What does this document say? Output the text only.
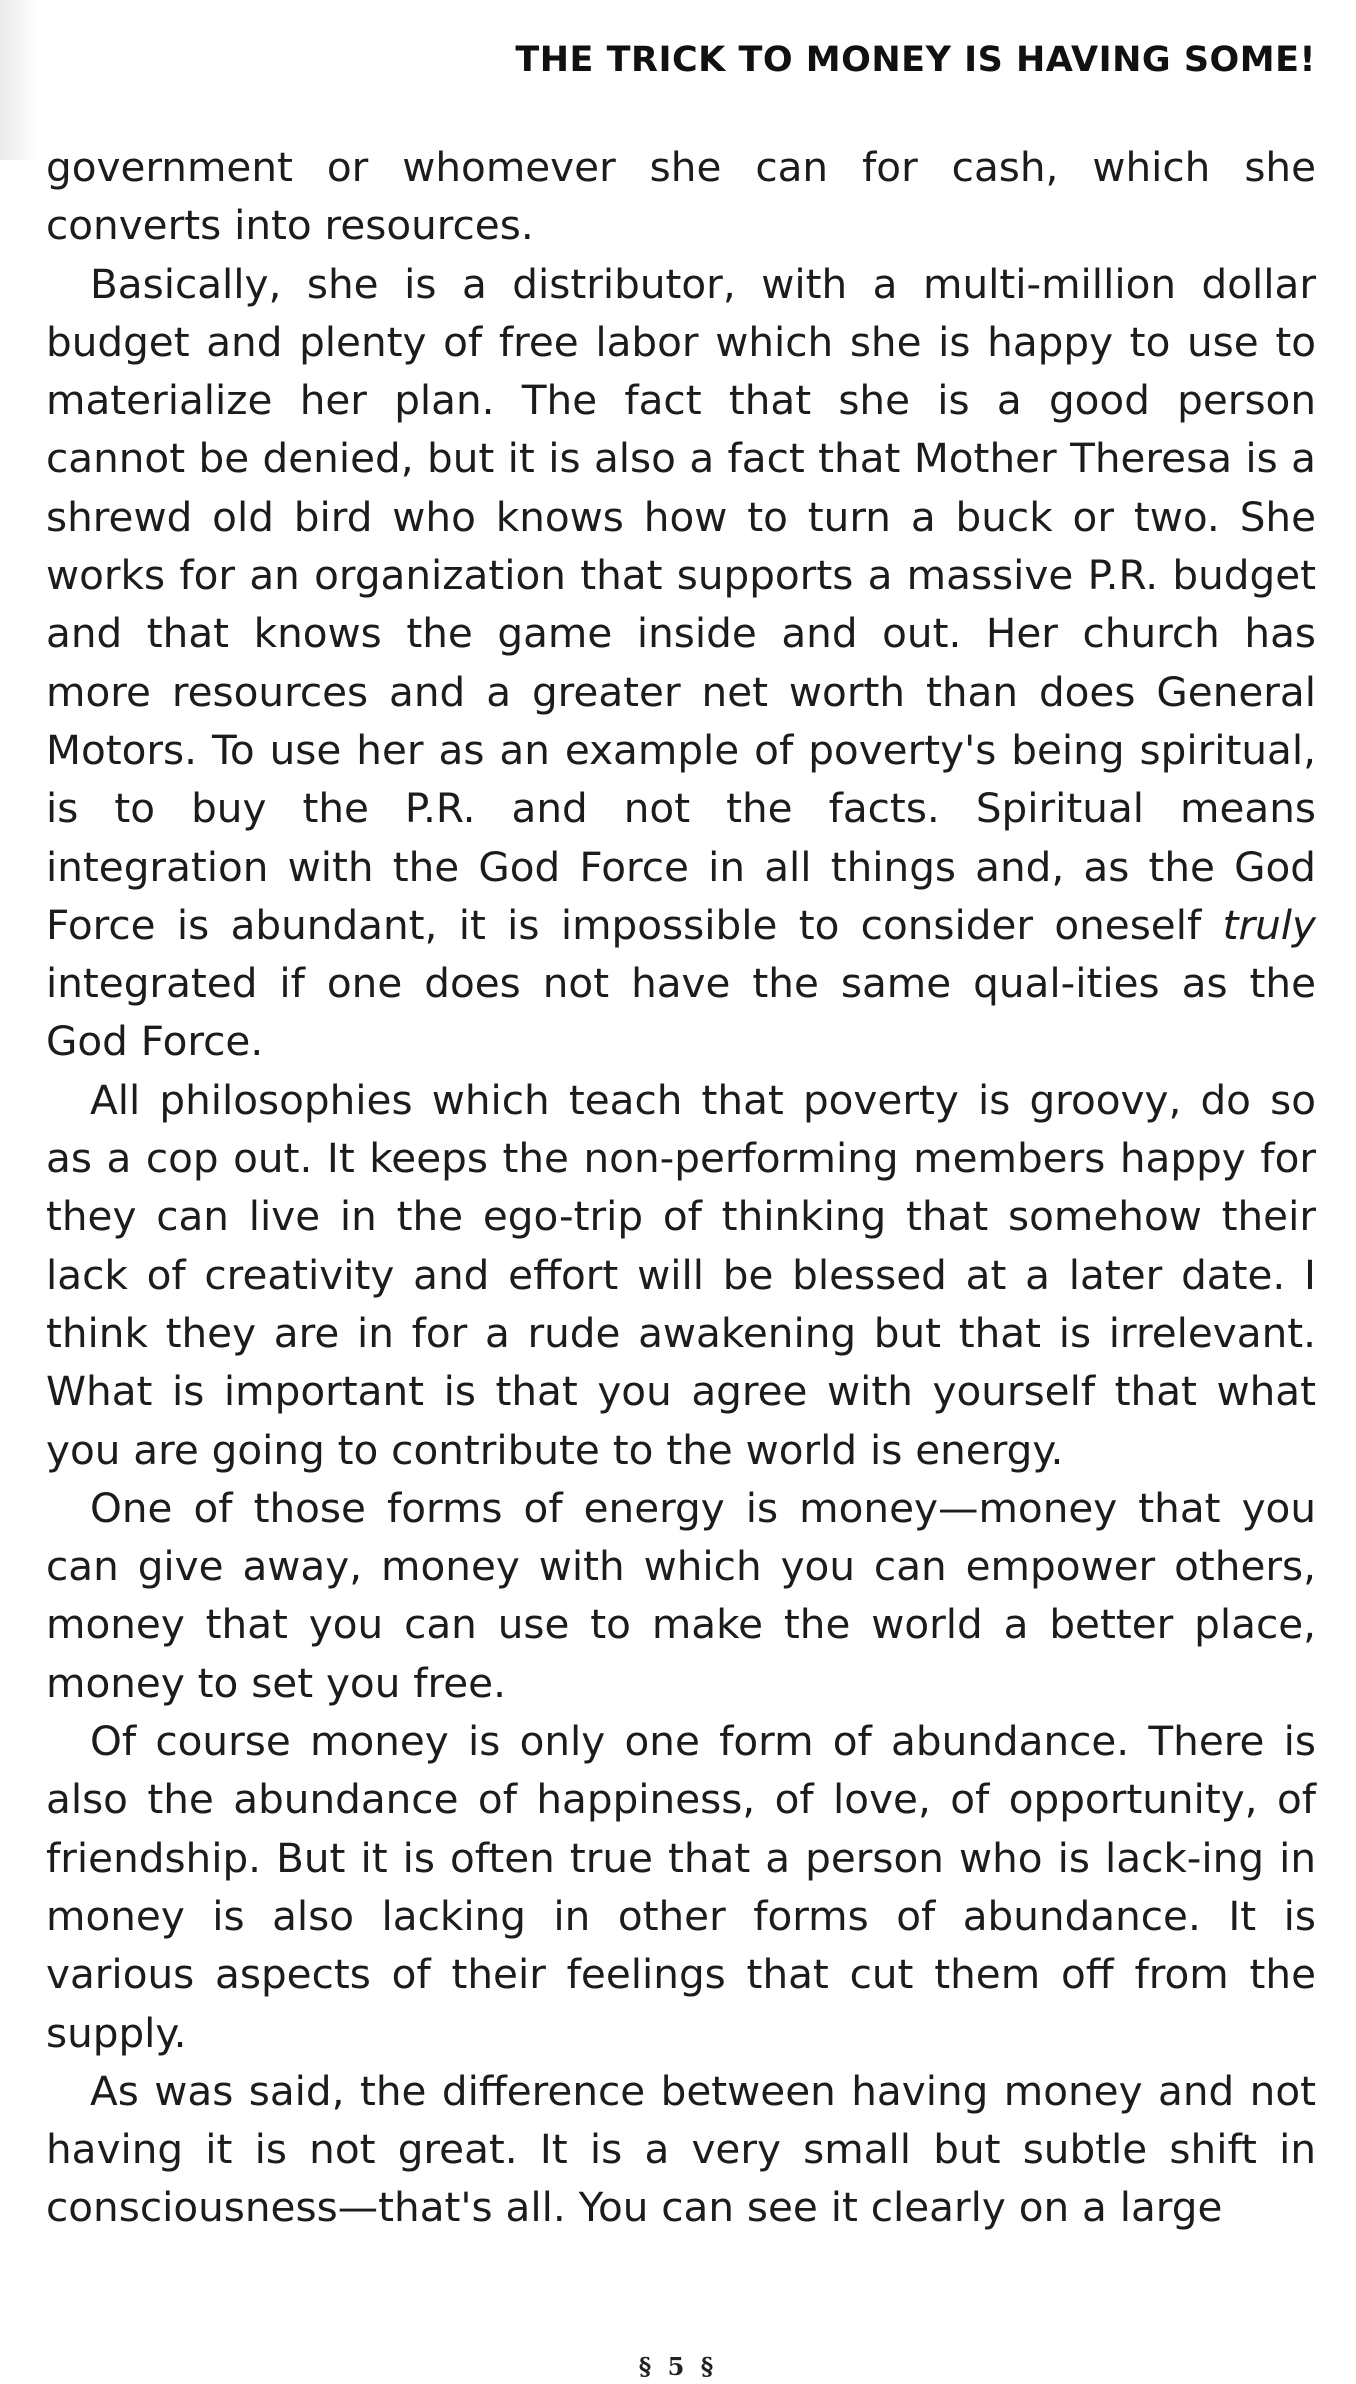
THE TRICK TO MONEY IS HAVING SOME!

government or whomever she can for cash, which she converts into resources.

Basically, she is a distributor, with a multi-million dollar budget and plenty of free labor which she is happy to use to materialize her plan. The fact that she is a good person cannot be denied, but it is also a fact that Mother Theresa is a shrewd old bird who knows how to turn a buck or two. She works for an organization that supports a massive P.R. budget and that knows the game inside and out. Her church has more resources and a greater net worth than does General Motors. To use her as an example of poverty's being spiritual, is to buy the P.R. and not the facts. Spiritual means integration with the God Force in all things and, as the God Force is abundant, it is impossible to consider oneself truly integrated if one does not have the same qual-ities as the God Force.

All philosophies which teach that poverty is groovy, do so as a cop out. It keeps the non-performing members happy for they can live in the ego-trip of thinking that somehow their lack of creativity and effort will be blessed at a later date. I think they are in for a rude awakening but that is irrelevant. What is important is that you agree with yourself that what you are going to contribute to the world is energy.

One of those forms of energy is money—money that you can give away, money with which you can empower others, money that you can use to make the world a better place, money to set you free.

Of course money is only one form of abundance. There is also the abundance of happiness, of love, of opportunity, of friendship. But it is often true that a person who is lack-ing in money is also lacking in other forms of abundance. It is various aspects of their feelings that cut them off from the supply.

As was said, the difference between having money and not having it is not great. It is a very small but subtle shift in consciousness—that's all. You can see it clearly on a large

§ 5 §
